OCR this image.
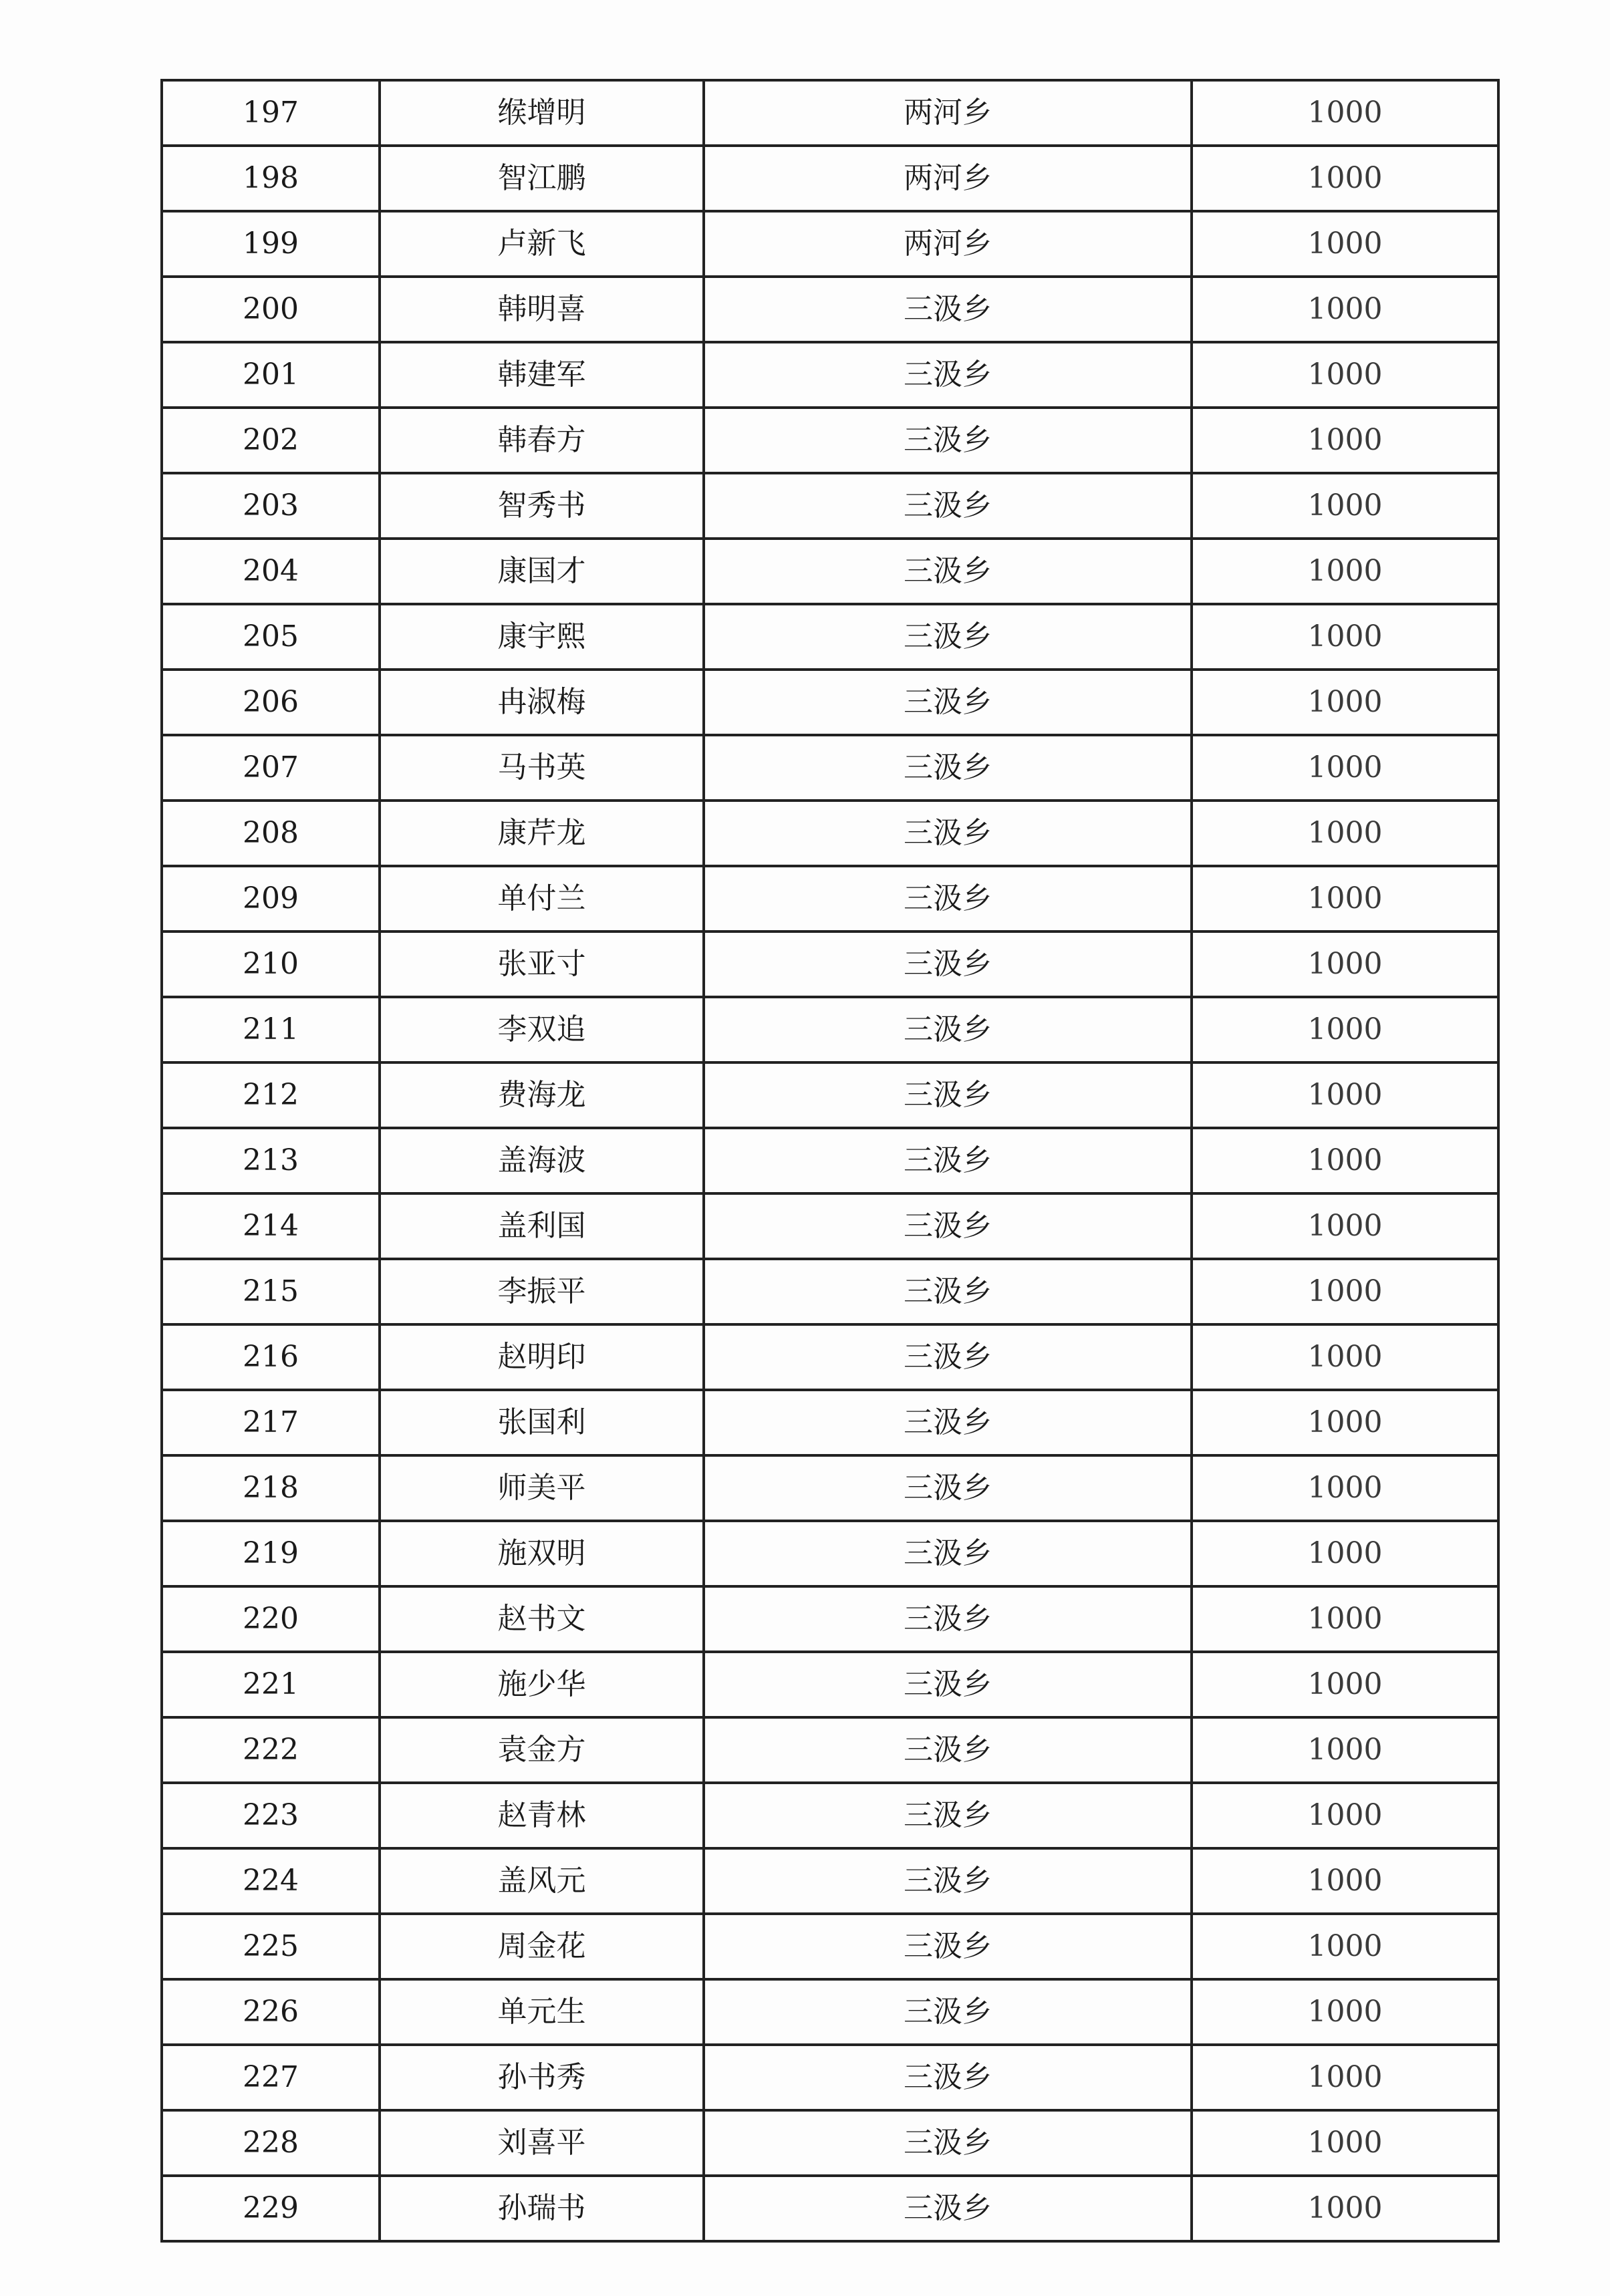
197	缑增明	两河乡	1000
198	智江鹏	两河乡	1000
199	卢新飞	两河乡	1000
200	韩明喜	三汲乡	1000
201	韩建军	三汲乡	1000
202	韩春方	三汲乡	1000
203	智秀书	三汲乡	1000
204	康国才	三汲乡	1000
205	康宇熙	三汲乡	1000
206	冉淑梅	三汲乡	1000
207	马书英	三汲乡	1000
208	康芹龙	三汲乡	1000
209	单付兰	三汲乡	1000
210	张亚寸	三汲乡	1000
211	李双追	三汲乡	1000
212	费海龙	三汲乡	1000
213	盖海波	三汲乡	1000
214	盖利国	三汲乡	1000
215	李振平	三汲乡	1000
216	赵明印	三汲乡	1000
217	张国利	三汲乡	1000
218	师美平	三汲乡	1000
219	施双明	三汲乡	1000
220	赵书文	三汲乡	1000
221	施少华	三汲乡	1000
222	袁金方	三汲乡	1000
223	赵青林	三汲乡	1000
224	盖风元	三汲乡	1000
225	周金花	三汲乡	1000
226	单元生	三汲乡	1000
227	孙书秀	三汲乡	1000
228	刘喜平	三汲乡	1000
229	孙瑞书	三汲乡	1000
